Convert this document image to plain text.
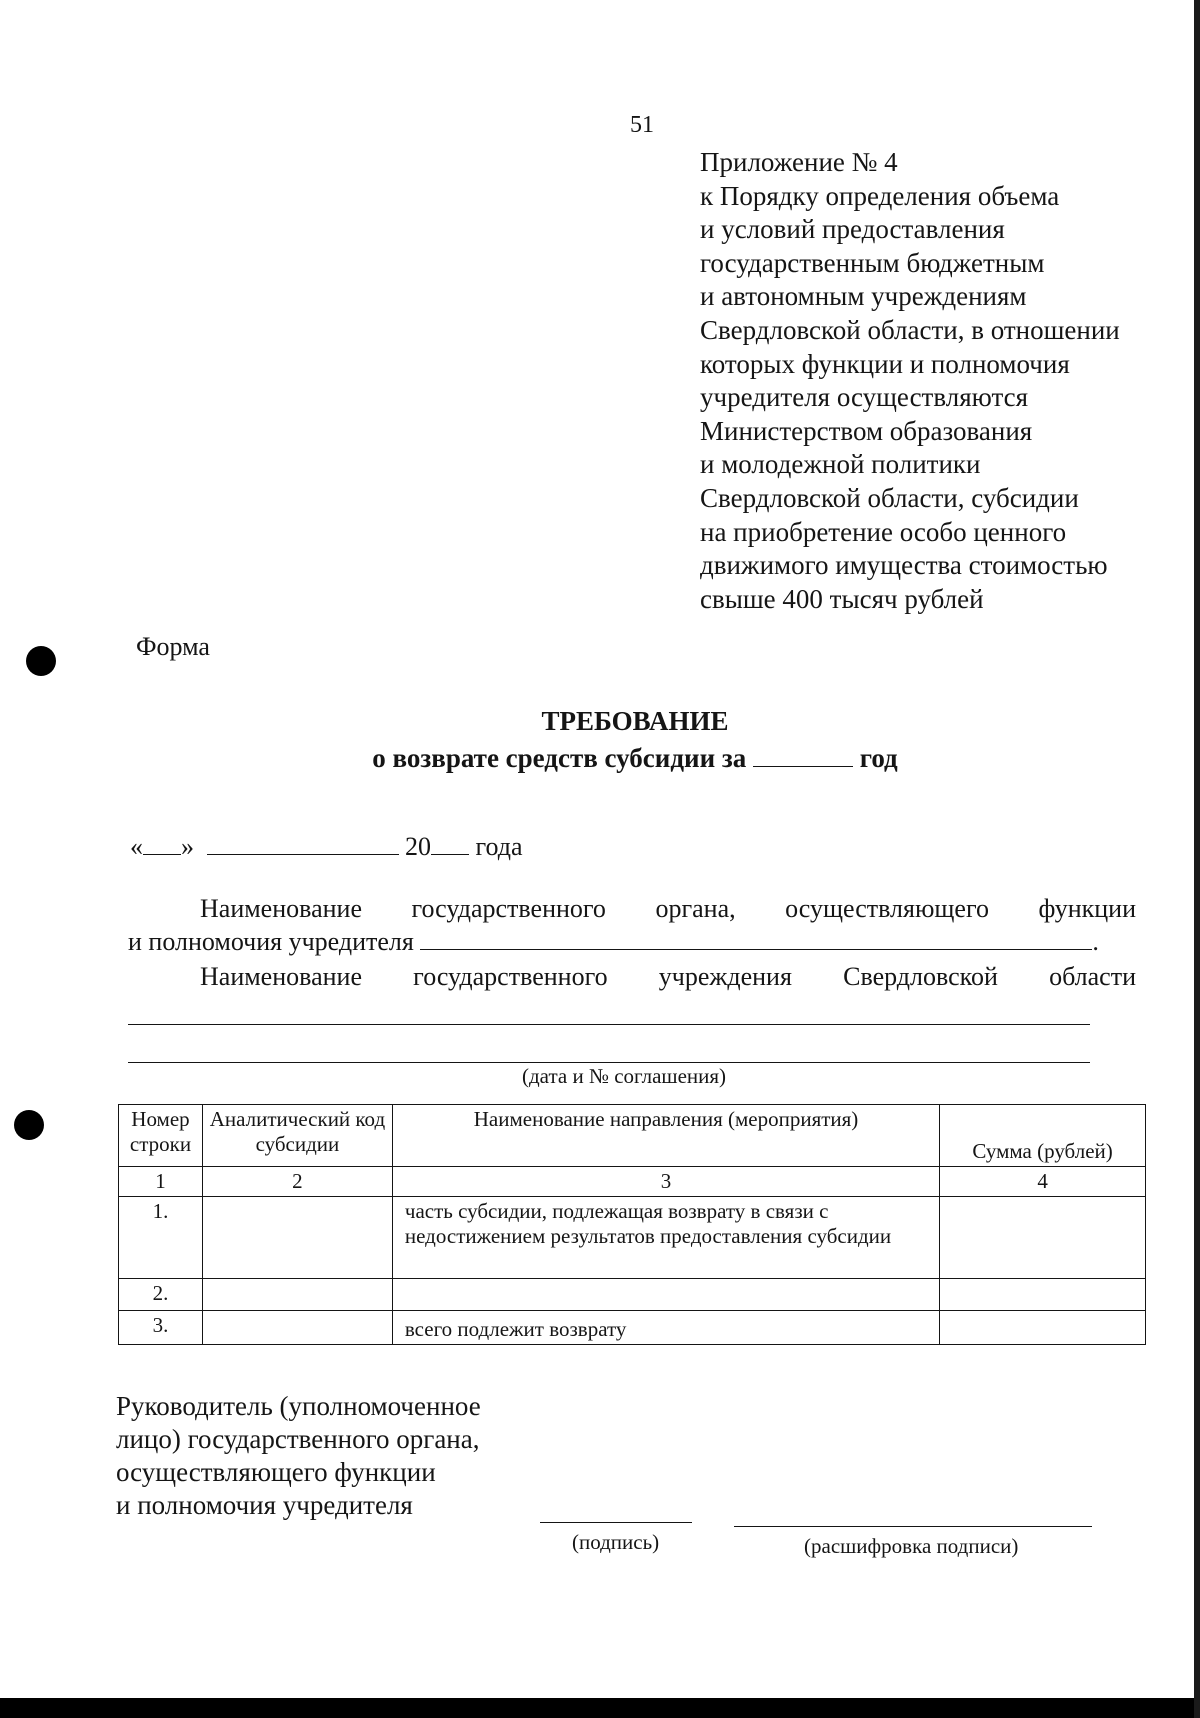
51
Приложение № 4
к Порядку определения объема
и условий предоставления
государственным бюджетным
и автономным учреждениям
Свердловской области, в отношении
которых функции и полномочия
учредителя осуществляются
Министерством образования
и молодежной политики
Свердловской области, субсидии
на приобретение особо ценного
движимого имущества стоимостью
свыше 400 тысяч рублей
Форма
ТРЕБОВАНИЕ
о возврате средств субсидии за	год
« »	20 года
Наименование государственного органа, осуществляющего функции
и полномочия учредителя	.
Наименование государственного учреждения Свердловской области
(дата и № соглашения)
Номер строки	Аналитический код субсидии	Наименование направления (мероприятия)	Сумма (рублей)
1	2	3	4
1.		часть субсидии, подлежащая возврату в связи с недостижением результатов предоставления субсидии	
2.			
3.		всего подлежит возврату	
Руководитель (уполномоченное
лицо) государственного органа,
осуществляющего функции
и полномочия учредителя
(подпись)	(расшифровка подписи)
